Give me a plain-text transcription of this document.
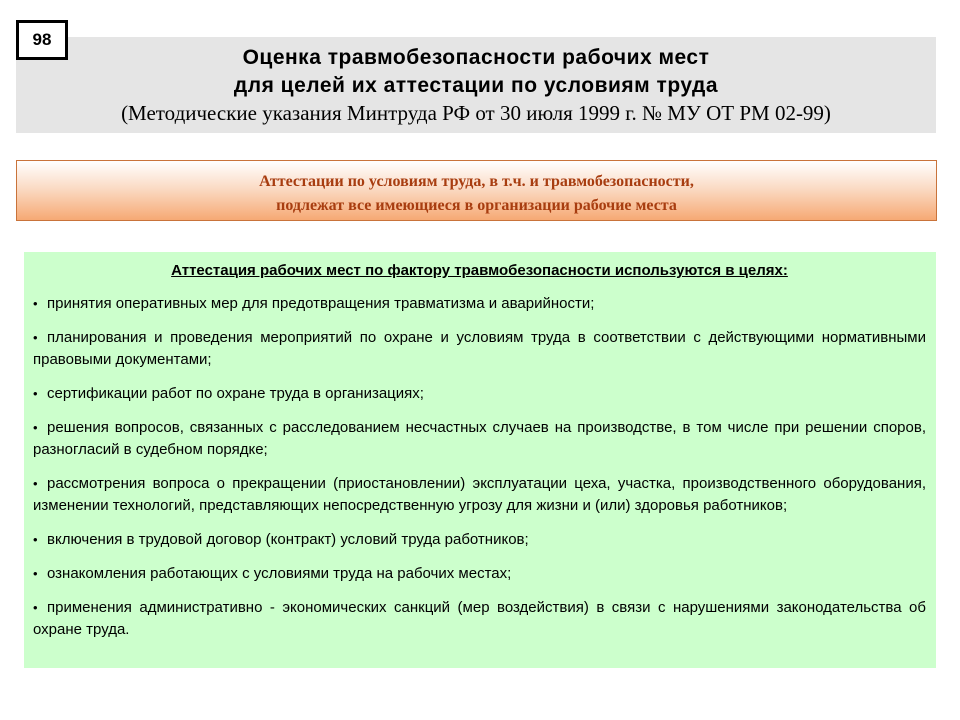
98
Оценка травмобезопасности рабочих мест
для целей их аттестации по условиям труда
(Методические указания Минтруда РФ от 30 июля 1999 г. № МУ ОТ РМ 02-99)
Аттестации по условиям труда, в т.ч. и травмобезопасности,
подлежат все имеющиеся в организации рабочие места
Аттестация рабочих мест по фактору травмобезопасности используются в целях:
• принятия оперативных мер для предотвращения травматизма и аварийности;
• планирования и проведения мероприятий по охране и условиям труда в соответствии с действующими нормативными правовыми документами;
• сертификации работ по охране труда в организациях;
• решения вопросов, связанных с расследованием несчастных случаев на производстве, в том числе при решении споров, разногласий в судебном порядке;
• рассмотрения вопроса о прекращении (приостановлении) эксплуатации цеха, участка, производственного оборудования, изменении технологий, представляющих непосредственную угрозу для жизни и (или) здоровья работников;
• включения в трудовой договор (контракт) условий труда работников;
• ознакомления работающих с условиями труда на рабочих местах;
• применения административно - экономических санкций (мер воздействия) в связи с нарушениями законодательства об охране труда.
